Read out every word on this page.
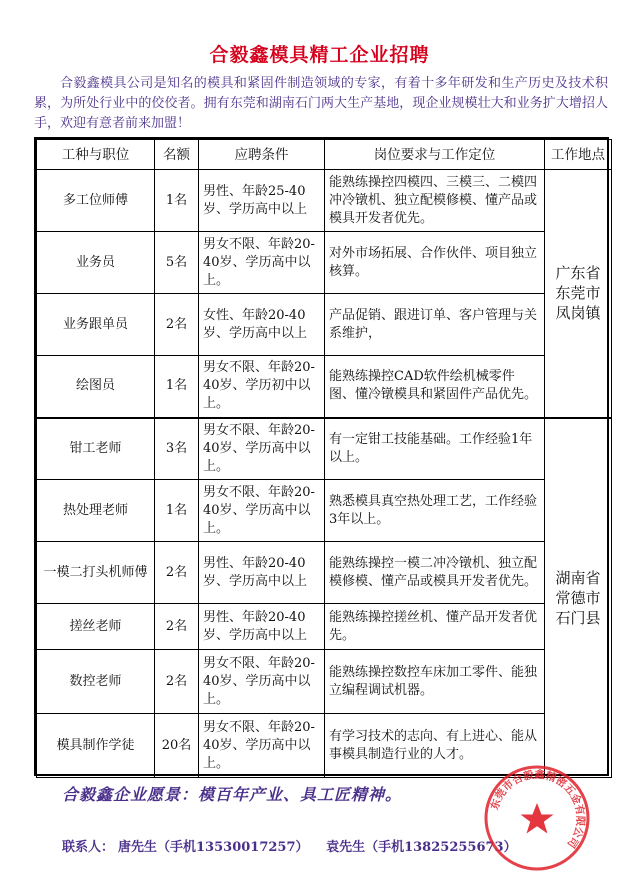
合毅鑫模具精工企业招聘

合毅鑫模具公司是知名的模具和紧固件制造领域的专家，有着十多年研发和生产历史及技术积累，为所处行业中的佼佼者。拥有东莞和湖南石门两大生产基地，现企业规模壮大和业务扩大增招人手，欢迎有意者前来加盟！

工种与职位	名额	应聘条件	岗位要求与工作定位	工作地点
多工位师傅	1名	男性、年龄25-40岁、学历高中以上	能熟练操控四模四、三模三、二模四冲冷镦机、独立配模修模、懂产品或模具开发者优先。	广东省东莞市凤岗镇
业务员	5名	男女不限、年龄20-40岁、学历高中以上。	对外市场拓展、合作伙伴、项目独立核算。	
业务跟单员	2名	女性、年龄20-40岁、学历高中以上	产品促销、跟进订单、客户管理与关系维护，	
绘图员	1名	男女不限、年龄20-40岁、学历初中以上。	能熟练操控CAD软件绘机械零件图、懂冷镦模具和紧固件产品优先。	
钳工老师	3名	男女不限、年龄20-40岁、学历高中以上。	有一定钳工技能基础。工作经验1年以上。	湖南省常德市石门县
热处理老师	1名	男女不限、年龄20-40岁、学历高中以上。	熟悉模具真空热处理工艺，工作经验3年以上。	
一模二打头机师傅	2名	男性、年龄20-40岁、学历高中以上	能熟练操控一模二冲冷镦机、独立配模修模、懂产品或模具开发者优先。	
搓丝老师	2名	男性、年龄20-40岁、学历高中以上	能熟练操控搓丝机、懂产品开发者优先。	
数控老师	2名	男女不限、年龄20-40岁、学历高中以上。	能熟练操控数控车床加工零件、能独立编程调试机器。	
模具制作学徒	20名	男女不限、年龄20-40岁、学历高中以上。	有学习技术的志向、有上进心、能从事模具制造行业的人才。	
合毅鑫企业愿景：模百年产业、具工匠精神。
联系人： 唐先生（手机13530017257） 袁先生（手机13825255673）
东莞市合毅鑫精密五金有限公司
